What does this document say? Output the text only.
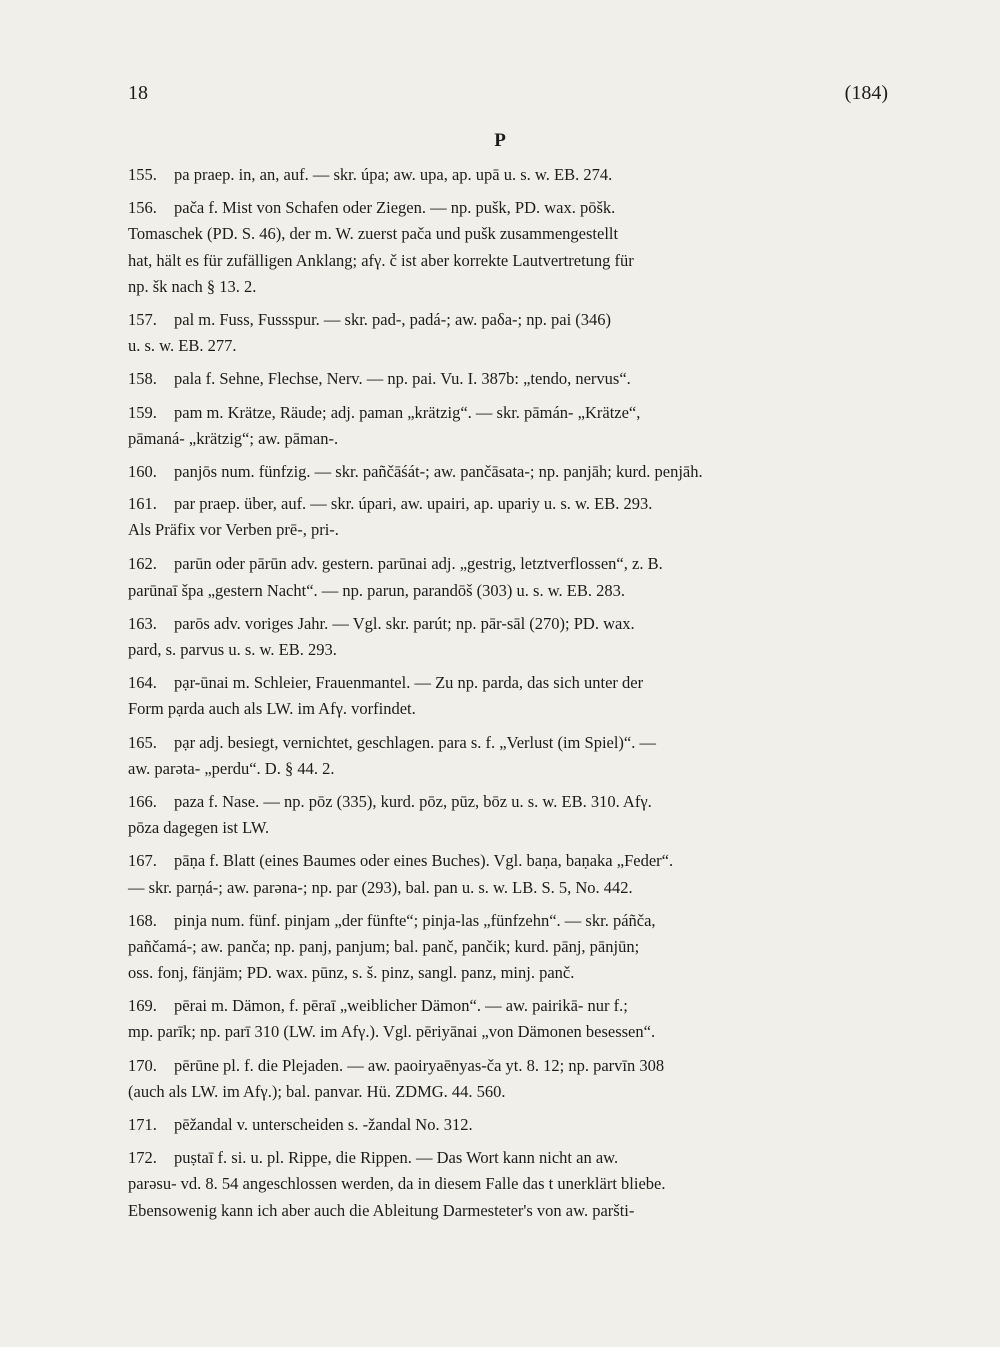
18	(184)
P
155. pa praep. in, an, auf. — skr. úpa; aw. upa, ap. upā u. s. w. EB. 274.
156. pača f. Mist von Schafen oder Ziegen. — np. pušk, PD. wax. pōšk.
Tomaschek (PD. S. 46), der m. W. zuerst pača und pušk zusammengestellt
hat, hält es für zufälligen Anklang; afγ. č ist aber korrekte Lautvertretung für
np. šk nach § 13. 2.
157. pal m. Fuss, Fussspur. — skr. pad-, padá-; aw. paδa-; np. pai (346)
u. s. w. EB. 277.
158. pala f. Sehne, Flechse, Nerv. — np. pai. Vu. I. 387b: „tendo, nervus“.
159. pam m. Krätze, Räude; adj. paman „krätzig“. — skr. pāmán- „Krätze“,
pāmaná- „krätzig“; aw. pāman-.
160. panjōs num. fünfzig. — skr. pañčāśát-; aw. pančāsata-; np. panjāh; kurd. penjāh.
161. par praep. über, auf. — skr. úpari, aw. upairi, ap. upariy u. s. w. EB. 293.
Als Präfix vor Verben prē-, pri-.
162. parūn oder pārūn adv. gestern. parūnai adj. „gestrig, letztverflossen“, z. B.
parūnaī špa „gestern Nacht“. — np. parun, parandōš (303) u. s. w. EB. 283.
163. parōs adv. voriges Jahr. — Vgl. skr. parút; np. pār-sāl (270); PD. wax.
pard, s. parvus u. s. w. EB. 293.
164. pạr-ūnai m. Schleier, Frauenmantel. — Zu np. parda, das sich unter der
Form pạrda auch als LW. im Afγ. vorfindet.
165. pạr adj. besiegt, vernichtet, geschlagen. para s. f. „Verlust (im Spiel)“. —
aw. parəta- „perdu“. D. § 44. 2.
166. paza f. Nase. — np. pōz (335), kurd. pōz, pūz, bōz u. s. w. EB. 310. Afγ.
pōza dagegen ist LW.
167. pāṇa f. Blatt (eines Baumes oder eines Buches). Vgl. baṇa, baṇaka „Feder“.
— skr. parṇá-; aw. parəna-; np. par (293), bal. pan u. s. w. LB. S. 5, No. 442.
168. pinja num. fünf. pinjam „der fünfte“; pinja-las „fünfzehn“. — skr. páñča,
pañčamá-; aw. panča; np. panj, panjum; bal. panč, pančik; kurd. pānj, pānjūn;
oss. fonj, fänjäm; PD. wax. pūnz, s. š. pinz, sangl. panz, minj. panč.
169. pērai m. Dämon, f. pēraī „weiblicher Dämon“. — aw. pairikā- nur f.;
mp. parīk; np. parī 310 (LW. im Afγ.). Vgl. pēriyānai „von Dämonen besessen“.
170. pērūne pl. f. die Plejaden. — aw. paoiryaēnyas-ča yt. 8. 12; np. parvīn 308
(auch als LW. im Afγ.); bal. panvar. Hü. ZDMG. 44. 560.
171. pēžandal v. unterscheiden s. -žandal No. 312.
172. puṣtaī f. si. u. pl. Rippe, die Rippen. — Das Wort kann nicht an aw.
parəsu- vd. 8. 54 angeschlossen werden, da in diesem Falle das t unerklärt bliebe.
Ebensowenig kann ich aber auch die Ableitung Darmesteter's von aw. paršti-
